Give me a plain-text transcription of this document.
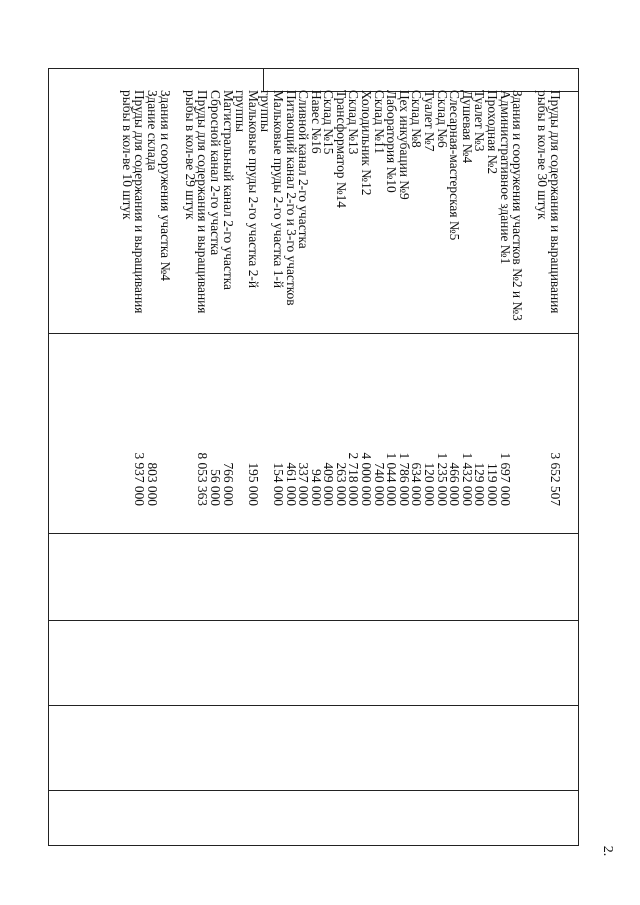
Пруды для содержания и выращивания
рыбы в кол-ве 30 штук
Здания и сооружения участков №2 и №3
Административное здание №1
Проходная №2
Туалет №3
Душевая №4
Слесарная-мастерская №5
Склад №6
Туалет №7
Склад №8
Цех инкубации №9
Лаборатория №10
Склад №11
Холодильник №12
Склад №13
Трансформатор №14
Склад №15
Навес №16
Сливной канал 2-го участка
Питающий канал 2-го и 3-го участков
Мальковые пруды 2-го участка 1-й
группы
Мальковые пруды 2-го участка 2-й
группы
Магистральный канал 2-го участка
Сбросной канал 2-го участка
Пруды для содержания и выращивания
рыбы в кол-ве 29 штук
Здания и сооружения участка №4
Здание склада
Пруды для содержания и выращивания
рыбы в кол-ве 10 штук
3 652 507
1 697 000
119 000
129 000
1 432 000
466 000
1 235 000
120 000
634 000
1 786 000
1 044 000
740 000
4 000 000
2 718 000
263 000
409 000
94 000
337 000
461 000
154 000
195 000
766 000
56 000
8 053 363
803 000
3 937 000
2.
